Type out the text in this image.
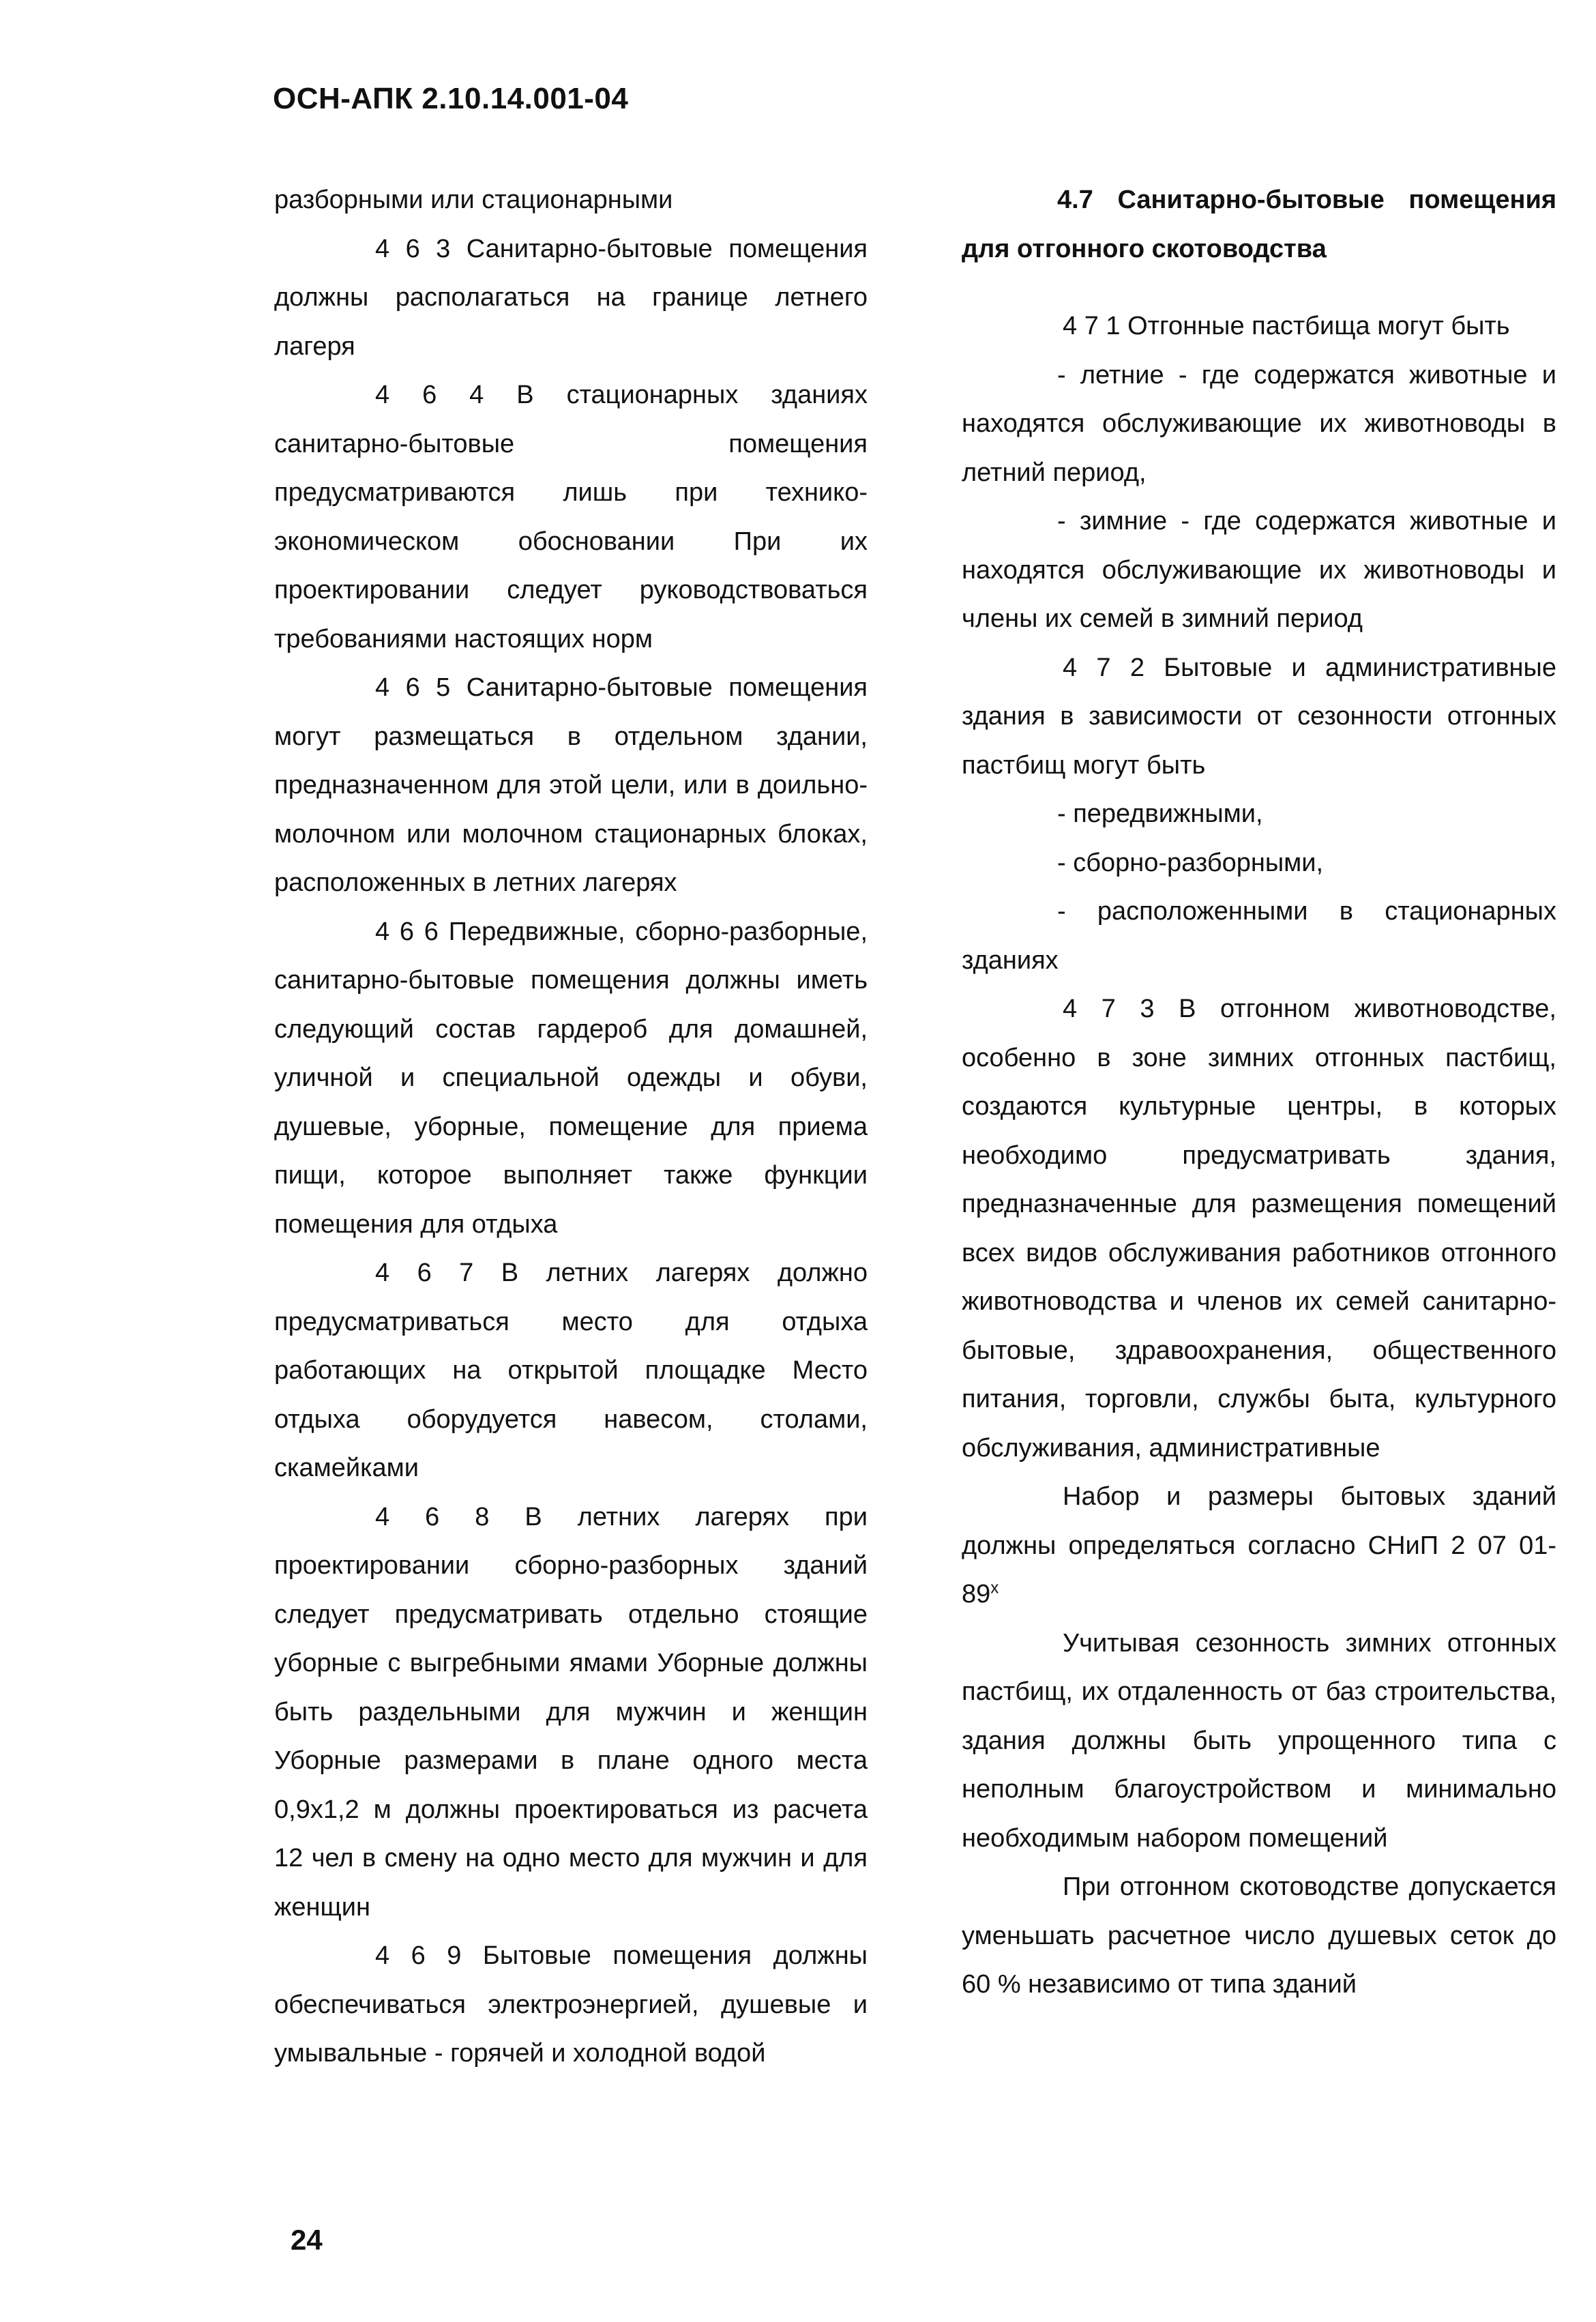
ОСН-АПК 2.10.14.001-04

разборными или стационарными

4 6 3 Санитарно-бытовые помещения должны располагаться на границе летнего лагеря

4 6 4 В стационарных зданиях санитарно-бытовые помещения предусматриваются лишь при технико-экономическом обосновании При их проектировании следует руководствоваться требованиями настоящих норм

4 6 5 Санитарно-бытовые помещения могут размещаться в отдельном здании, предназначенном для этой цели, или в доильно-молочном или молочном стационарных блоках, расположенных в летних лагерях

4 6 6 Передвижные, сборно-разборные, санитарно-бытовые помещения должны иметь следующий состав гардероб для домашней, уличной и специальной одежды и обуви, душевые, уборные, помещение для приема пищи, которое выполняет также функции помещения для отдыха

4 6 7 В летних лагерях должно предусматриваться место для отдыха работающих на открытой площадке Место отдыха оборудуется навесом, столами, скамейками

4 6 8 В летних лагерях при проектировании сборно-разборных зданий следует предусматривать отдельно стоящие уборные с выгребными ямами Уборные должны быть раздельными для мужчин и женщин Уборные размерами в плане одного места 0,9х1,2 м должны проектироваться из расчета 12 чел в смену на одно место для мужчин и для женщин

4 6 9 Бытовые помещения должны обеспечиваться электроэнергией, душевые и умывальные - горячей и холодной водой

4.7 Санитарно-бытовые помещения для отгонного скотоводства

4 7 1 Отгонные пастбища могут быть

- летние - где содержатся животные и находятся обслуживающие их животноводы в летний период,

- зимние - где содержатся животные и находятся обслуживающие их животноводы и члены их семей в зимний период

4 7 2 Бытовые и административные здания в зависимости от сезонности отгонных пастбищ могут быть

- передвижными,

- сборно-разборными,

- расположенными в стационарных зданиях

4 7 3 В отгонном животноводстве, особенно в зоне зимних отгонных пастбищ, создаются культурные центры, в которых необходимо предусматривать здания, предназначенные для размещения помещений всех видов обслуживания работников отгонного животноводства и членов их семей санитарно-бытовые, здравоохранения, общественного питания, торговли, службы быта, культурного обслуживания, административные

Набор и размеры бытовых зданий должны определяться согласно СНиП 2 07 $01-89^х$

Учитывая сезонность зимних отгонных пастбищ, их отдаленность от баз строительства, здания должны быть упрощенного типа с неполным благоустройством и минимально необходимым набором помещений

При отгонном скотоводстве допускается уменьшать расчетное число душевых сеток до 60 % независимо от типа зданий

24
